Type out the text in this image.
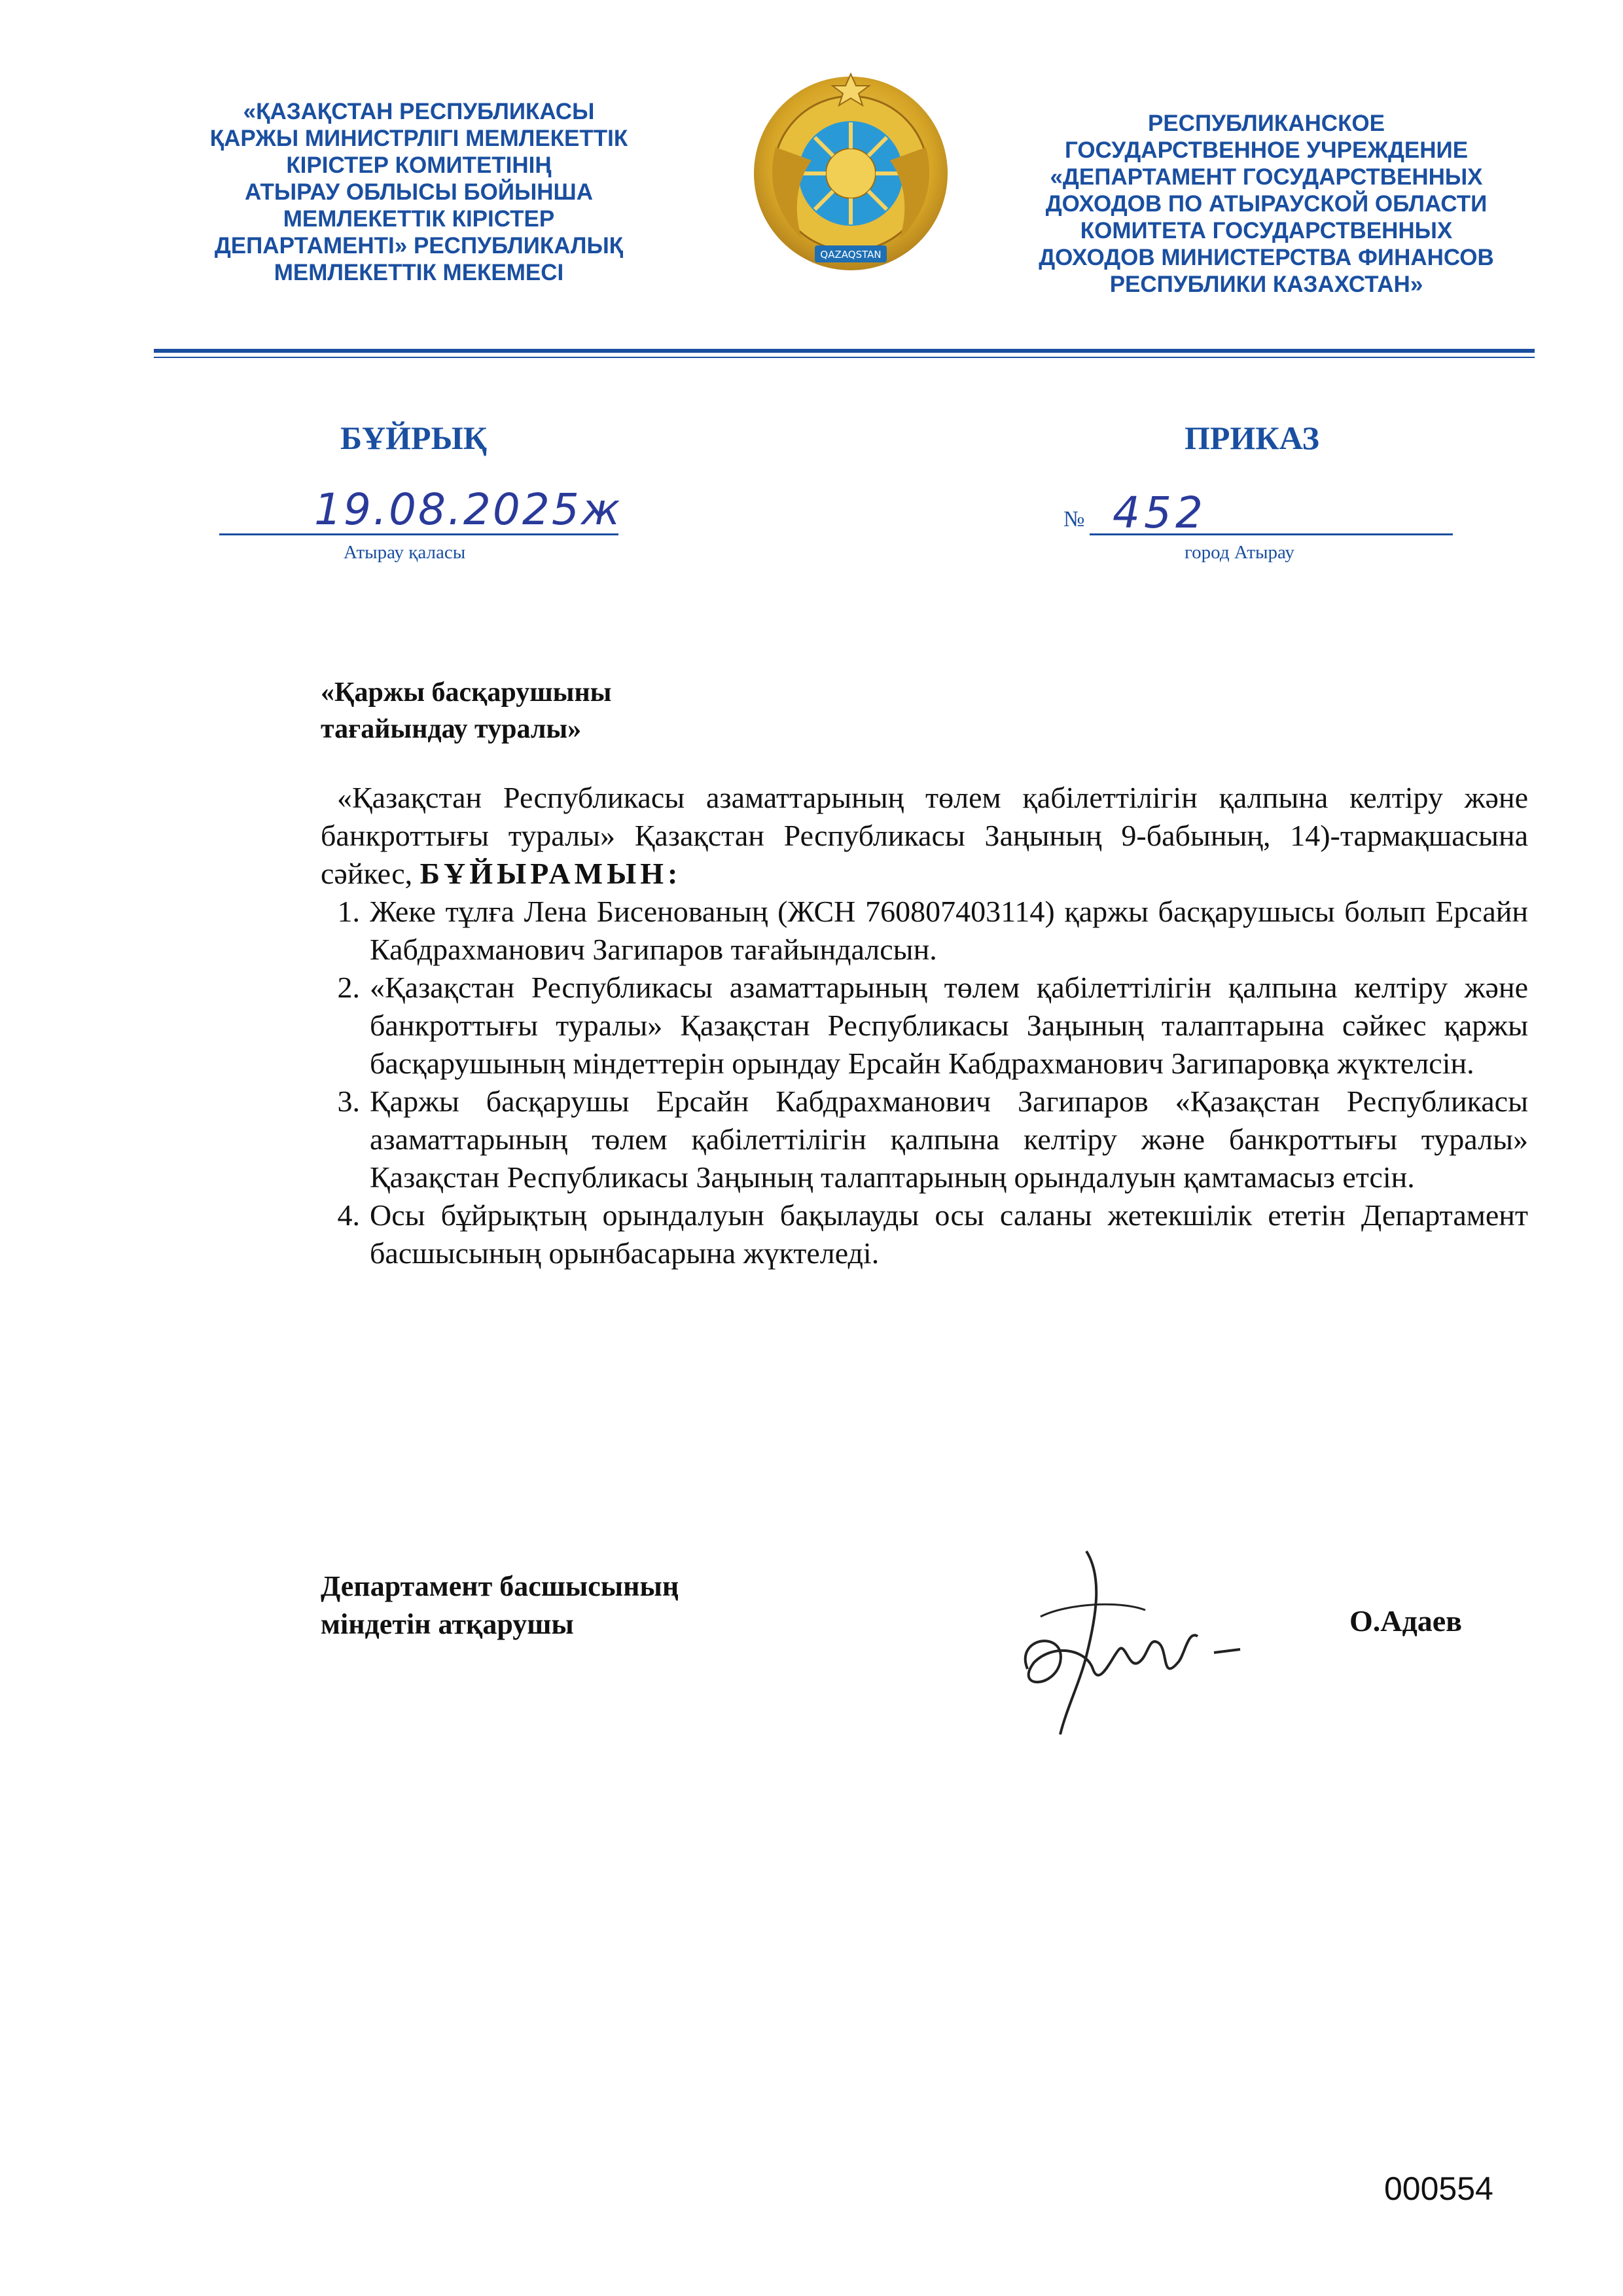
«ҚАЗАҚСТАН РЕСПУБЛИКАСЫ
ҚАРЖЫ МИНИСТРЛІГІ МЕМЛЕКЕТТІК
КІРІСТЕР КОМИТЕТІНІҢ
АТЫРАУ ОБЛЫСЫ БОЙЫНША
МЕМЛЕКЕТТІК КІРІСТЕР
ДЕПАРТАМЕНТІ» РЕСПУБЛИКАЛЫҚ
МЕМЛЕКЕТТІК МЕКЕМЕСІ
QAZAQSTAN
РЕСПУБЛИКАНСКОЕ
ГОСУДАРСТВЕННОЕ УЧРЕЖДЕНИЕ
«ДЕПАРТАМЕНТ ГОСУДАРСТВЕННЫХ
ДОХОДОВ ПО АТЫРАУСКОЙ ОБЛАСТИ
КОМИТЕТА ГОСУДАРСТВЕННЫХ
ДОХОДОВ МИНИСТЕРСТВА ФИНАНСОВ
РЕСПУБЛИКИ КАЗАХСТАН»
БҰЙРЫҚ	ПРИКАЗ
19.08.2025ж
Атырау қаласы
№ 452
город Атырау
«Қаржы басқарушыны
тағайындау туралы»

«Қазақстан Республикасы азаматтарының төлем қабілеттілігін қалпына келтіру және банкроттығы туралы» Қазақстан Республикасы Заңының 9-бабының, 14)-тармақшасына сәйкес, БҰЙЫРАМЫН:

1. Жеке тұлға Лена Бисенованың (ЖСН 760807403114) қаржы басқарушысы болып Ерсайн Кабдрахманович Загипаров тағайындалсын.
2. «Қазақстан Республикасы азаматтарының төлем қабілеттілігін қалпына келтіру және банкроттығы туралы» Қазақстан Республикасы Заңының талаптарына сәйкес қаржы басқарушының міндеттерін орындау Ерсайн Кабдрахманович Загипаровқа жүктелсін.
3. Қаржы басқарушы Ерсайн Кабдрахманович Загипаров «Қазақстан Республикасы азаматтарының төлем қабілеттілігін қалпына келтіру және банкроттығы туралы» Қазақстан Республикасы Заңының талаптарының орындалуын қамтамасыз етсін.
4. Осы бұйрықтың орындалуын бақылауды осы саланы жетекшілік ететін Департамент басшысының орынбасарына жүктеледі.
Департамент басшысының
міндетін атқарушы	О.Адаев
000554
